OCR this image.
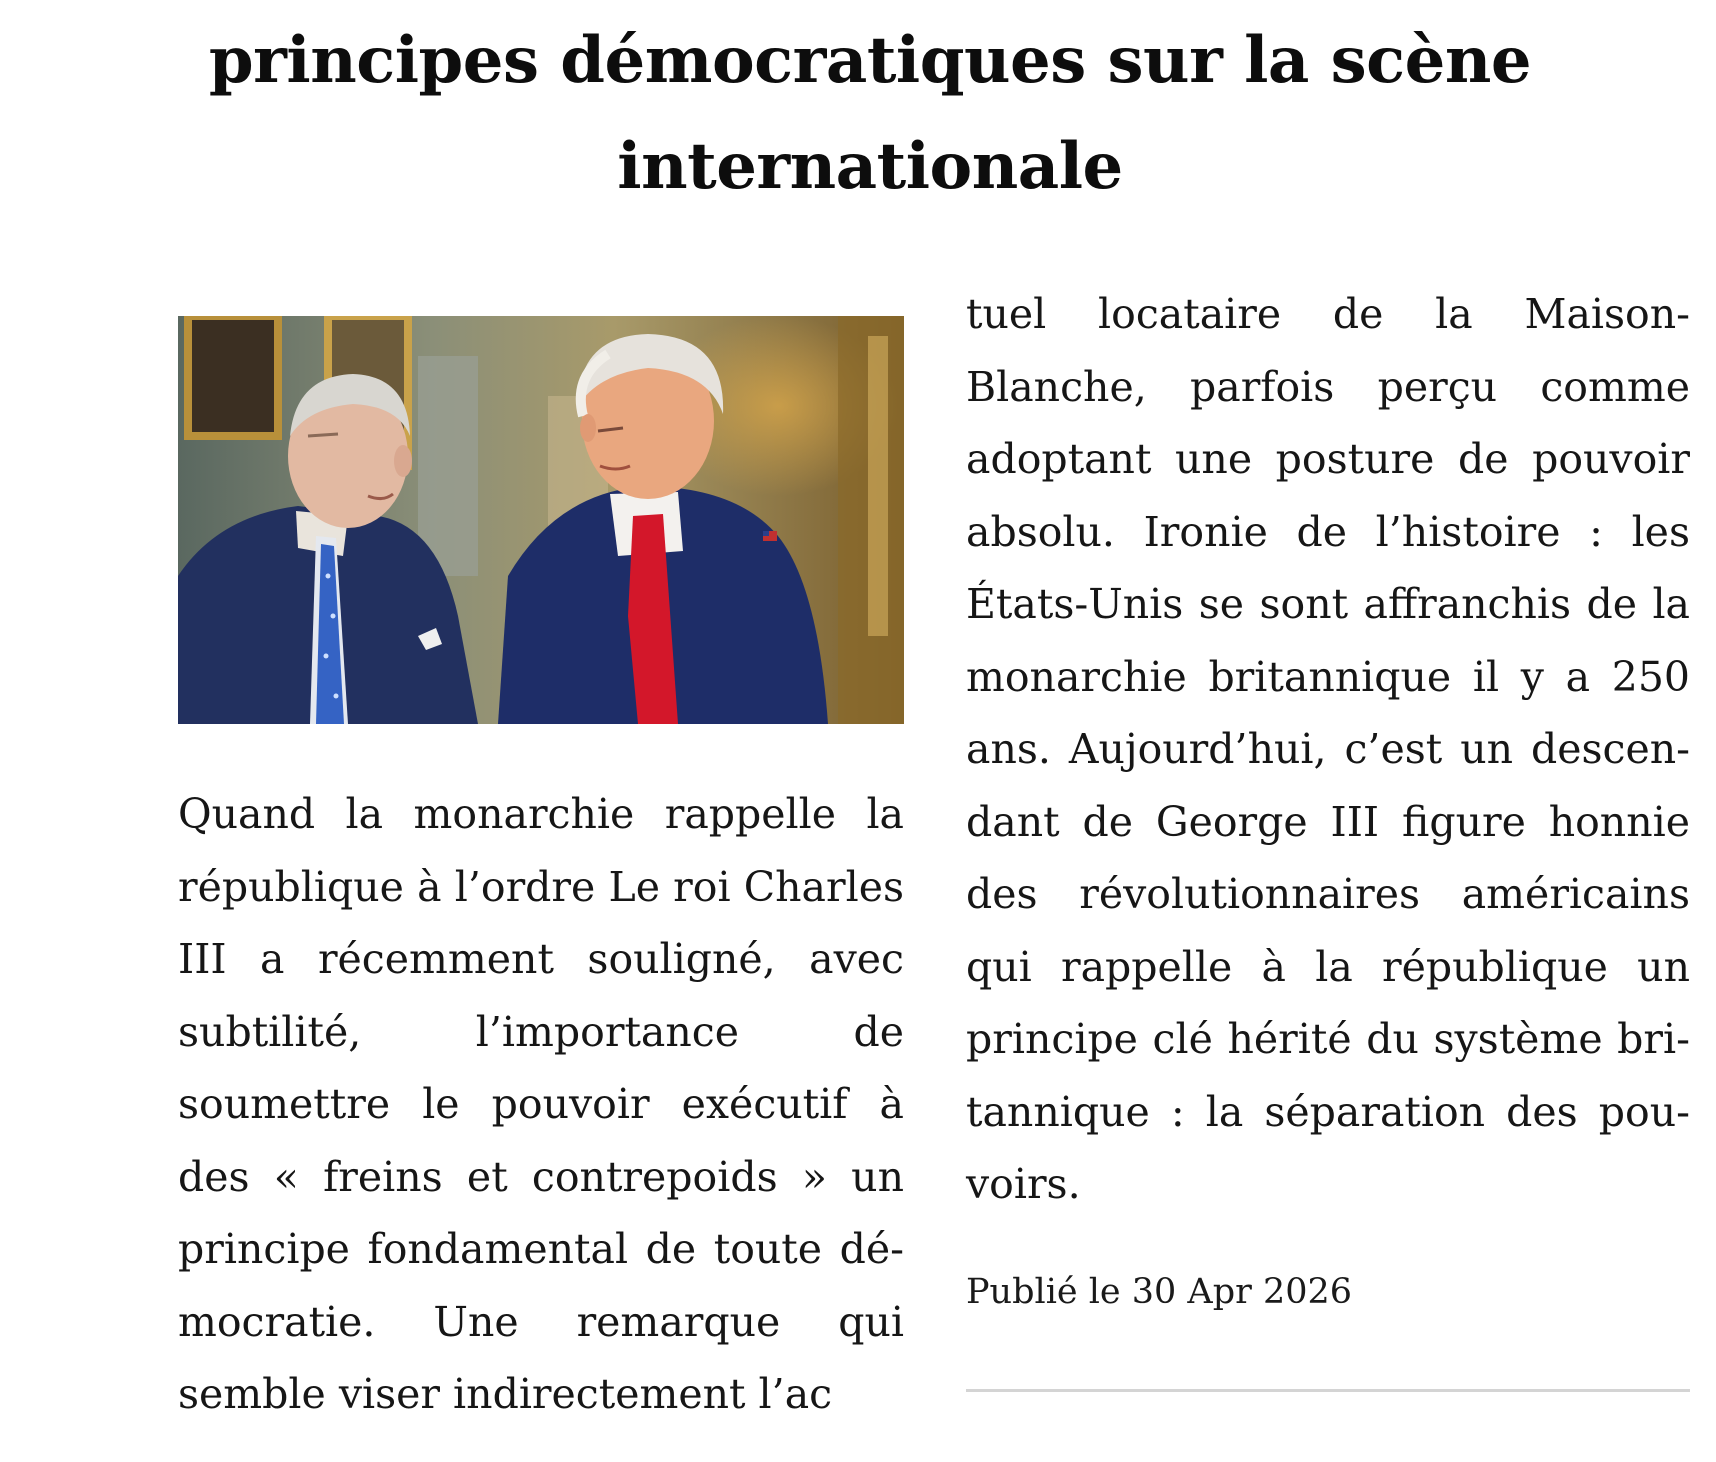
principes démocratiques sur la scène
internationale
Quand la monarchie rappelle la république à l’ordre Le roi Charles III a récemment souligné, avec subtilité, l’importance de soumettre le pouvoir exécutif à des « freins et contrepoids » un principe fondamental de toute démocratie. Une remarque qui semble viser indirectement l’ac
tuel locataire de la Maison-Blanche, parfois perçu comme adoptant une posture de pouvoir absolu. Ironie de l’histoire : les États-Unis se sont affranchis de la monarchie britannique il y a 250 ans. Aujourd’hui, c’est un descendant de George III figure honnie des révolutionnaires américains qui rappelle à la république un principe clé hérité du système britannique : la séparation des pouvoirs.
Publié le 30 Apr 2026
